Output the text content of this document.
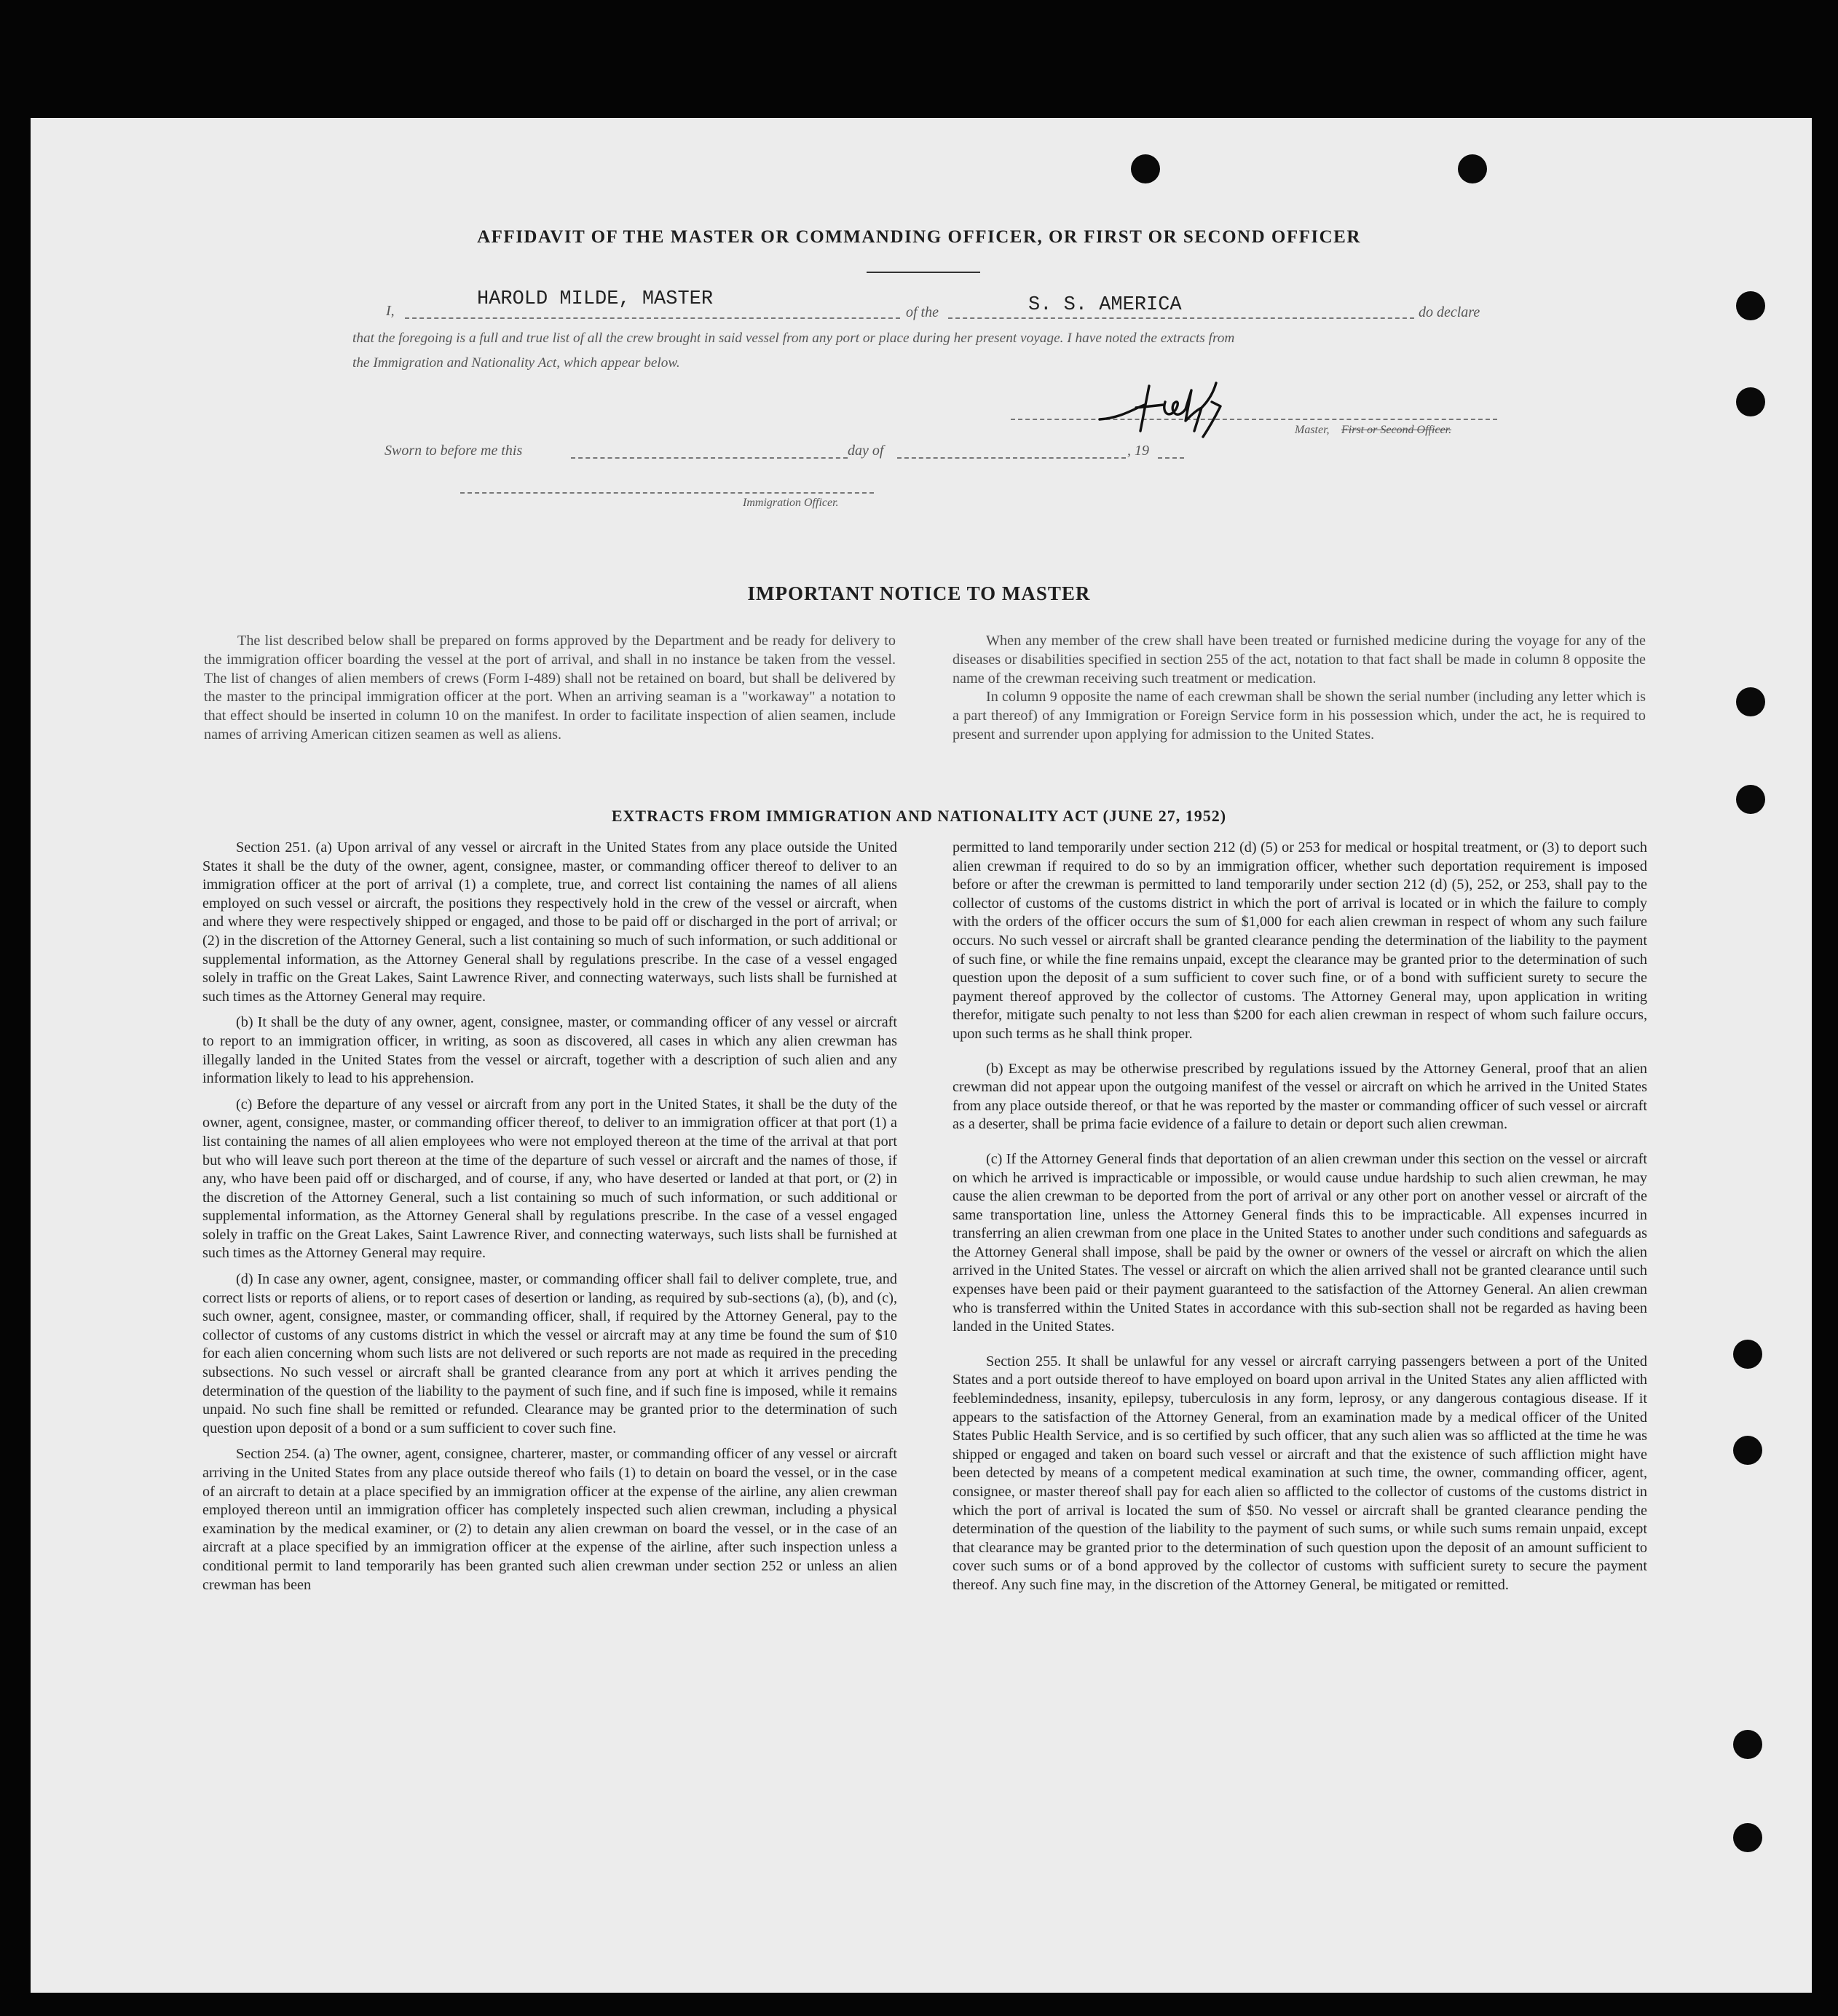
AFFIDAVIT OF THE MASTER OR COMMANDING OFFICER, OR FIRST OR SECOND OFFICER
I,
HAROLD MILDE, MASTER
of the	S. S. AMERICA	do declare
that the foregoing is a full and true list of all the crew brought in said vessel from any port or place during her present voyage. I have noted the extracts from
the Immigration and Nationality Act, which appear below.
Master, First or Second Officer.
Sworn to before me this	day of	, 19
Immigration Officer.
IMPORTANT NOTICE TO MASTER

The list described below shall be prepared on forms approved by the Department and be ready for delivery to the immigration officer boarding the vessel at the port of arrival, and shall in no instance be taken from the vessel. The list of changes of alien members of crews (Form I-489) shall not be retained on board, but shall be delivered by the master to the principal immigration officer at the port. When an arriving seaman is a "workaway" a notation to that effect should be inserted in column 10 on the manifest. In order to facilitate inspection of alien seamen, include names of arriving American citizen seamen as well as aliens.

When any member of the crew shall have been treated or furnished medicine during the voyage for any of the diseases or disabilities specified in section 255 of the act, notation to that fact shall be made in column 8 opposite the name of the crewman receiving such treatment or medication.

In column 9 opposite the name of each crewman shall be shown the serial number (including any letter which is a part thereof) of any Immigration or Foreign Service form in his possession which, under the act, he is required to present and surrender upon applying for admission to the United States.

EXTRACTS FROM IMMIGRATION AND NATIONALITY ACT (JUNE 27, 1952)

Section 251. (a) Upon arrival of any vessel or aircraft in the United States from any place outside the United States it shall be the duty of the owner, agent, consignee, master, or commanding officer thereof to deliver to an immigration officer at the port of arrival (1) a complete, true, and correct list containing the names of all aliens employed on such vessel or aircraft, the positions they respectively hold in the crew of the vessel or aircraft, when and where they were respectively shipped or engaged, and those to be paid off or discharged in the port of arrival; or (2) in the discretion of the Attorney General, such a list containing so much of such information, or such additional or supplemental information, as the Attorney General shall by regulations prescribe. In the case of a vessel engaged solely in traffic on the Great Lakes, Saint Lawrence River, and connecting waterways, such lists shall be furnished at such times as the Attorney General may require.

(b) It shall be the duty of any owner, agent, consignee, master, or commanding officer of any vessel or aircraft to report to an immigration officer, in writing, as soon as discovered, all cases in which any alien crewman has illegally landed in the United States from the vessel or aircraft, together with a description of such alien and any information likely to lead to his apprehension.

(c) Before the departure of any vessel or aircraft from any port in the United States, it shall be the duty of the owner, agent, consignee, master, or commanding officer thereof, to deliver to an immigration officer at that port (1) a list containing the names of all alien employees who were not employed thereon at the time of the arrival at that port but who will leave such port thereon at the time of the departure of such vessel or aircraft and the names of those, if any, who have been paid off or discharged, and of course, if any, who have deserted or landed at that port, or (2) in the discretion of the Attorney General, such a list containing so much of such information, or such additional or supplemental information, as the Attorney General shall by regulations prescribe. In the case of a vessel engaged solely in traffic on the Great Lakes, Saint Lawrence River, and connecting waterways, such lists shall be furnished at such times as the Attorney General may require.

(d) In case any owner, agent, consignee, master, or commanding officer shall fail to deliver complete, true, and correct lists or reports of aliens, or to report cases of desertion or landing, as required by sub-sections (a), (b), and (c), such owner, agent, consignee, master, or commanding officer, shall, if required by the Attorney General, pay to the collector of customs of any customs district in which the vessel or aircraft may at any time be found the sum of $10 for each alien concerning whom such lists are not delivered or such reports are not made as required in the preceding subsections. No such vessel or aircraft shall be granted clearance from any port at which it arrives pending the determination of the question of the liability to the payment of such fine, and if such fine is imposed, while it remains unpaid. No such fine shall be remitted or refunded. Clearance may be granted prior to the determination of such question upon deposit of a bond or a sum sufficient to cover such fine.

Section 254. (a) The owner, agent, consignee, charterer, master, or commanding officer of any vessel or aircraft arriving in the United States from any place outside thereof who fails (1) to detain on board the vessel, or in the case of an aircraft to detain at a place specified by an immigration officer at the expense of the airline, any alien crewman employed thereon until an immigration officer has completely inspected such alien crewman, including a physical examination by the medical examiner, or (2) to detain any alien crewman on board the vessel, or in the case of an aircraft at a place specified by an immigration officer at the expense of the airline, after such inspection unless a conditional permit to land temporarily has been granted such alien crewman under section 252 or unless an alien crewman has been

permitted to land temporarily under section 212 (d) (5) or 253 for medical or hospital treatment, or (3) to deport such alien crewman if required to do so by an immigration officer, whether such deportation requirement is imposed before or after the crewman is permitted to land temporarily under section 212 (d) (5), 252, or 253, shall pay to the collector of customs of the customs district in which the port of arrival is located or in which the failure to comply with the orders of the officer occurs the sum of $1,000 for each alien crewman in respect of whom any such failure occurs. No such vessel or aircraft shall be granted clearance pending the determination of the liability to the payment of such fine, or while the fine remains unpaid, except the clearance may be granted prior to the determination of such question upon the deposit of a sum sufficient to cover such fine, or of a bond with sufficient surety to secure the payment thereof approved by the collector of customs. The Attorney General may, upon application in writing therefor, mitigate such penalty to not less than $200 for each alien crewman in respect of whom such failure occurs, upon such terms as he shall think proper.

(b) Except as may be otherwise prescribed by regulations issued by the Attorney General, proof that an alien crewman did not appear upon the outgoing manifest of the vessel or aircraft on which he arrived in the United States from any place outside thereof, or that he was reported by the master or commanding officer of such vessel or aircraft as a deserter, shall be prima facie evidence of a failure to detain or deport such alien crewman.

(c) If the Attorney General finds that deportation of an alien crewman under this section on the vessel or aircraft on which he arrived is impracticable or impossible, or would cause undue hardship to such alien crewman, he may cause the alien crewman to be deported from the port of arrival or any other port on another vessel or aircraft of the same transportation line, unless the Attorney General finds this to be impracticable. All expenses incurred in transferring an alien crewman from one place in the United States to another under such conditions and safeguards as the Attorney General shall impose, shall be paid by the owner or owners of the vessel or aircraft on which the alien arrived in the United States. The vessel or aircraft on which the alien arrived shall not be granted clearance until such expenses have been paid or their payment guaranteed to the satisfaction of the Attorney General. An alien crewman who is transferred within the United States in accordance with this sub-section shall not be regarded as having been landed in the United States.

Section 255. It shall be unlawful for any vessel or aircraft carrying passengers between a port of the United States and a port outside thereof to have employed on board upon arrival in the United States any alien afflicted with feeblemindedness, insanity, epilepsy, tuberculosis in any form, leprosy, or any dangerous contagious disease. If it appears to the satisfaction of the Attorney General, from an examination made by a medical officer of the United States Public Health Service, and is so certified by such officer, that any such alien was so afflicted at the time he was shipped or engaged and taken on board such vessel or aircraft and that the existence of such affliction might have been detected by means of a competent medical examination at such time, the owner, commanding officer, agent, consignee, or master thereof shall pay for each alien so afflicted to the collector of customs of the customs district in which the port of arrival is located the sum of $50. No vessel or aircraft shall be granted clearance pending the determination of the question of the liability to the payment of such sums, or while such sums remain unpaid, except that clearance may be granted prior to the determination of such question upon the deposit of an amount sufficient to cover such sums or of a bond approved by the collector of customs with sufficient surety to secure the payment thereof. Any such fine may, in the discretion of the Attorney General, be mitigated or remitted.
